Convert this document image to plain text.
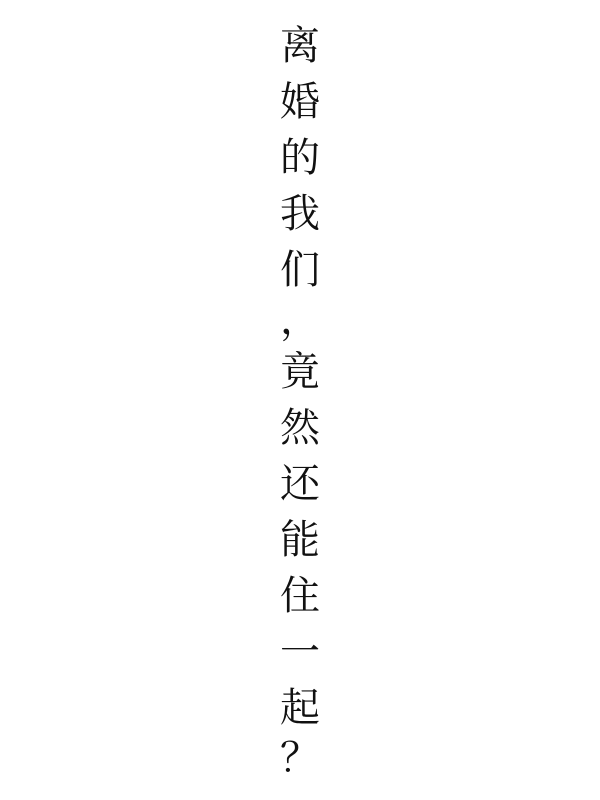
离
婚
的
我
们
，
竟
然
还
能
住
一
起
？
